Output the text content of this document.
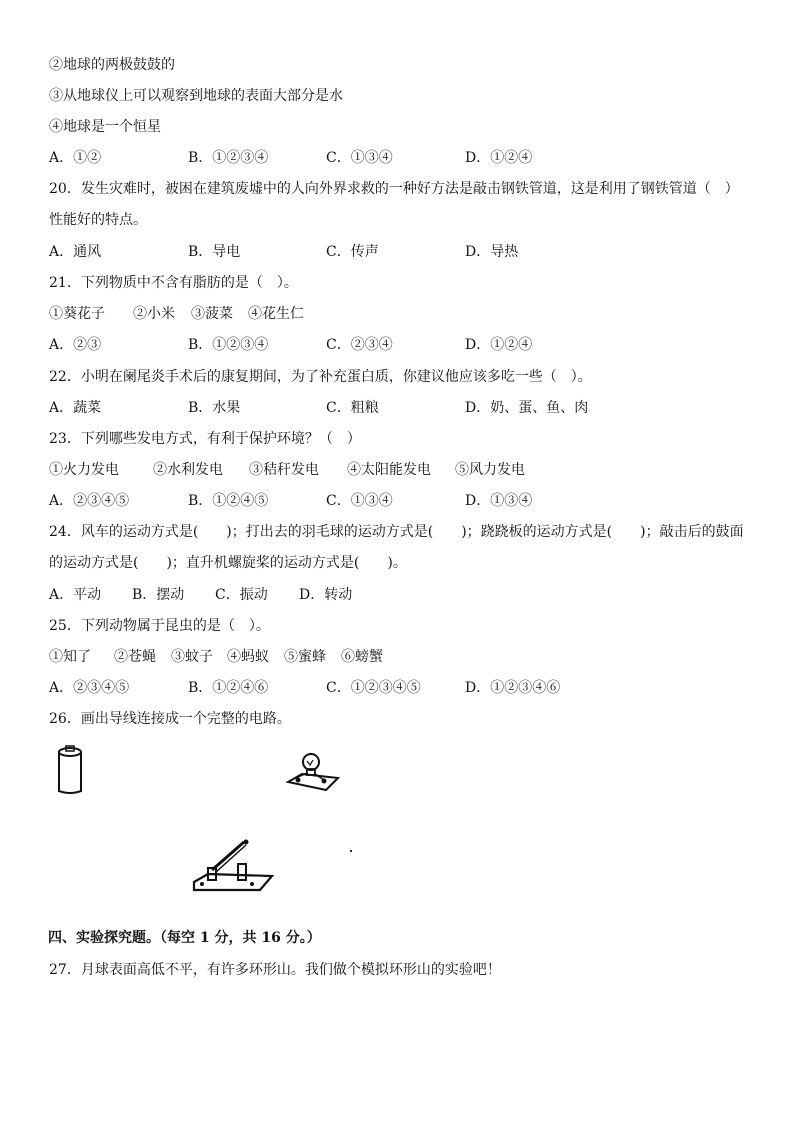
②地球的两极鼓鼓的
③从地球仪上可以观察到地球的表面大部分是水
④地球是一个恒星
A．①②	B．①②③④	C．①③④	D．①②④
20．发生灾难时，被困在建筑废墟中的人向外界求救的一种好方法是敲击钢铁管道，这是利用了钢铁管道（　）性能好的特点。
A．通风	B．导电	C．传声	D．导热
21．下列物质中不含有脂肪的是（　）。
①葵花子 ②小米 ③菠菜 ④花生仁
A．②③	B．①②③④	C．②③④	D．①②④
22．小明在阑尾炎手术后的康复期间，为了补充蛋白质，你建议他应该多吃一些（　）。
A．蔬菜	B．水果	C．粗粮	D．奶、蛋、鱼、肉
23．下列哪些发电方式，有利于保护环境？（　）
①火力发电 ②水利发电 ③秸秆发电 ④太阳能发电 ⑤风力发电
A．②③④⑤	B．①②④⑤	C．①③④	D．①③④
24．风车的运动方式是(　　)；打出去的羽毛球的运动方式是(　　)；跷跷板的运动方式是(　　)；敲击后的鼓面的运动方式是(　　)；直升机螺旋桨的运动方式是(　　)。
A．平动 B．摆动 C．振动 D．转动
25．下列动物属于昆虫的是（　）。
①知了 ②苍蝇 ③蚊子 ④蚂蚁 ⑤蜜蜂 ⑥螃蟹
A．②③④⑤	B．①②④⑥	C．①②③④⑤	D．①②③④⑥
26．画出导线连接成一个完整的电路。
四、实验探究题。（每空 1 分，共 16 分。）
27．月球表面高低不平，有许多环形山。我们做个模拟环形山的实验吧！
